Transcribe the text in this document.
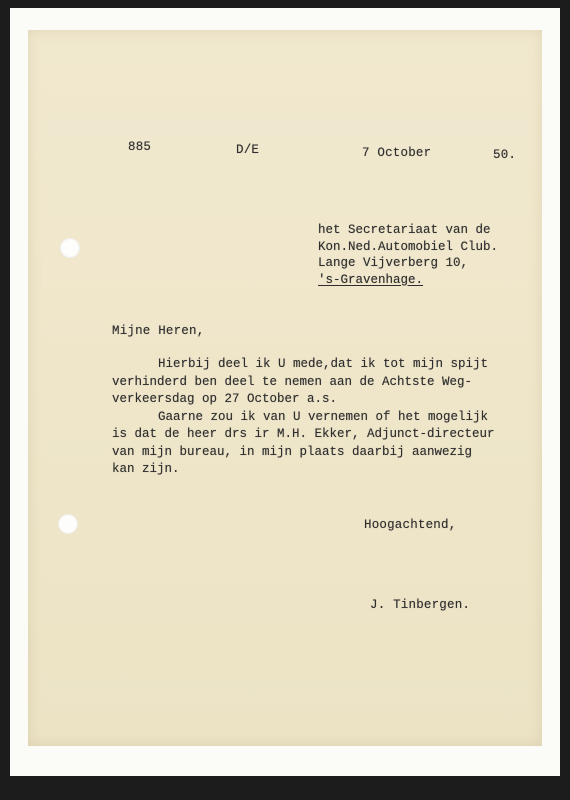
885	D/E	7 October	50.
het Secretariaat van de
Kon.Ned.Automobiel Club.
Lange Vijverberg 10,
's-Gravenhage.
Mijne Heren,
Hierbij deel ik U mede,dat ik tot mijn spijt
verhinderd ben deel te nemen aan de Achtste Weg-
verkeersdag op 27 October a.s.
Gaarne zou ik van U vernemen of het mogelijk
is dat de heer drs ir M.H. Ekker, Adjunct-directeur
van mijn bureau, in mijn plaats daarbij aanwezig
kan zijn.
Hoogachtend,
J. Tinbergen.
